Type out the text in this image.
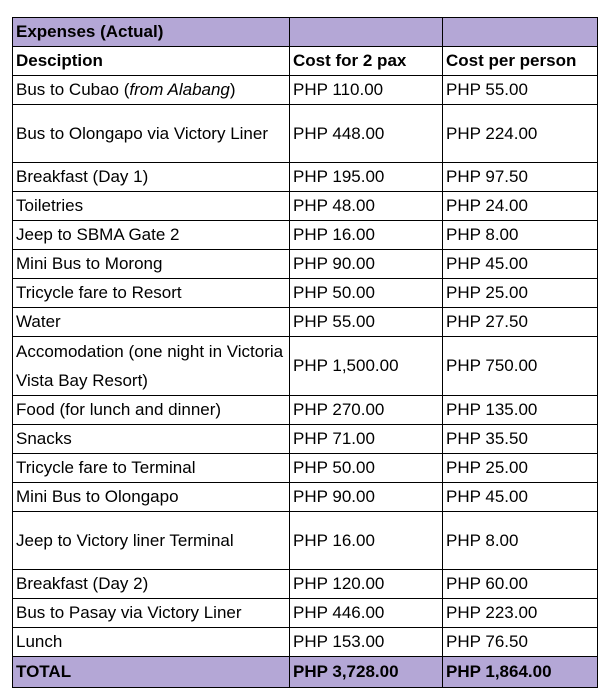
Expenses (Actual)		
Desciption	Cost for 2 pax	Cost per person
Bus to Cubao (from Alabang)	PHP 110.00	PHP 55.00
Bus to Olongapo via Victory Liner	PHP 448.00	PHP 224.00
Breakfast (Day 1)	PHP 195.00	PHP 97.50
Toiletries	PHP 48.00	PHP 24.00
Jeep to SBMA Gate 2	PHP 16.00	PHP 8.00
Mini Bus to Morong	PHP 90.00	PHP 45.00
Tricycle fare to Resort	PHP 50.00	PHP 25.00
Water	PHP 55.00	PHP 27.50
Accomodation (one night in Victoria Vista Bay Resort)	PHP 1,500.00	PHP 750.00
Food (for lunch and dinner)	PHP 270.00	PHP 135.00
Snacks	PHP 71.00	PHP 35.50
Tricycle fare to Terminal	PHP 50.00	PHP 25.00
Mini Bus to Olongapo	PHP 90.00	PHP 45.00
Jeep to Victory liner Terminal	PHP 16.00	PHP 8.00
Breakfast (Day 2)	PHP 120.00	PHP 60.00
Bus to Pasay via Victory Liner	PHP 446.00	PHP 223.00
Lunch	PHP 153.00	PHP 76.50
TOTAL	PHP 3,728.00	PHP 1,864.00
